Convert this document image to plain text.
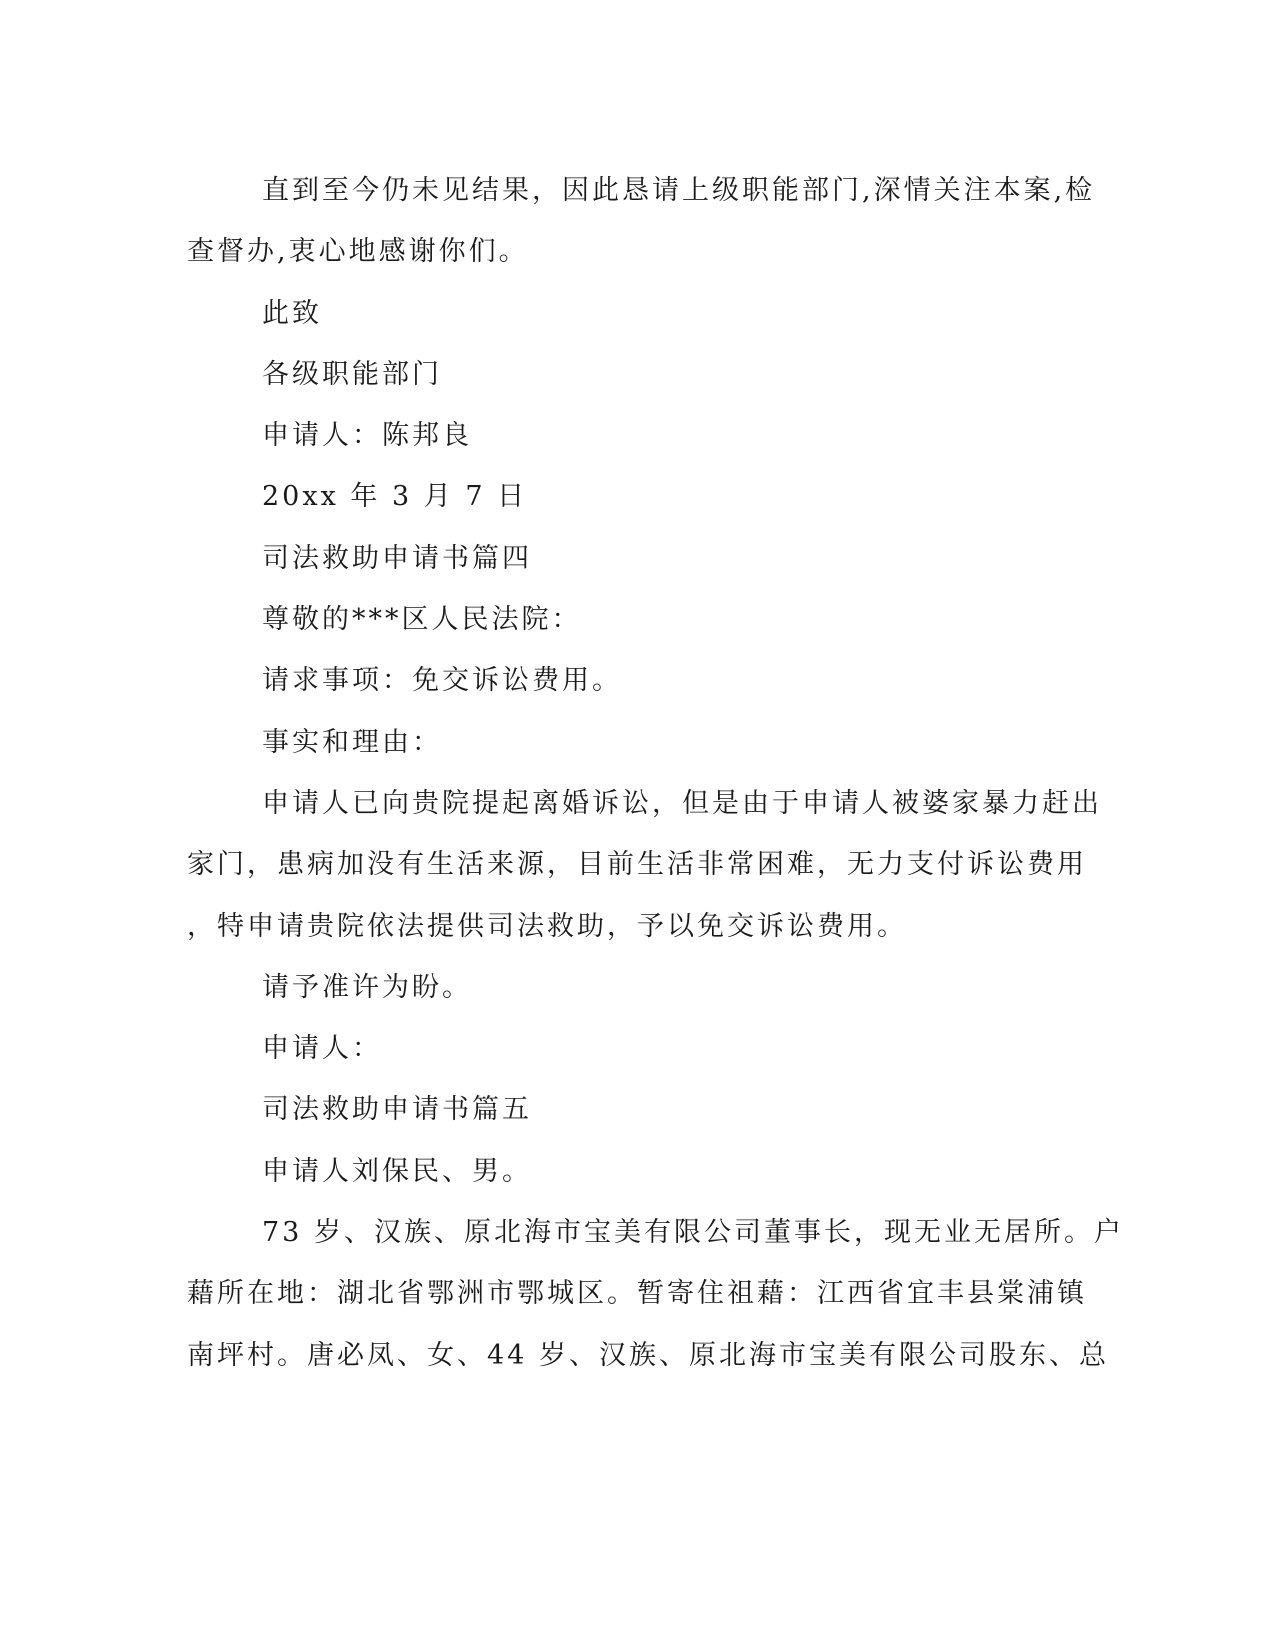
直到至今仍未见结果，因此恳请上级职能部门,深情关注本案,检
查督办,衷心地感谢你们。
此致
各级职能部门
申请人：陈邦良
20xx 年 3 月 7 日
司法救助申请书篇四
尊敬的***区人民法院：
请求事项：免交诉讼费用。
事实和理由：
申请人已向贵院提起离婚诉讼，但是由于申请人被婆家暴力赶出
家门，患病加没有生活来源，目前生活非常困难，无力支付诉讼费用
，特申请贵院依法提供司法救助，予以免交诉讼费用。
请予准许为盼。
申请人：
司法救助申请书篇五
申请人刘保民、男。
73 岁、汉族、原北海市宝美有限公司董事长，现无业无居所。户
藉所在地：湖北省鄂洲市鄂城区。暂寄住祖藉：江西省宜丰县棠浦镇
南坪村。唐必凤、女、44 岁、汉族、原北海市宝美有限公司股东、总
